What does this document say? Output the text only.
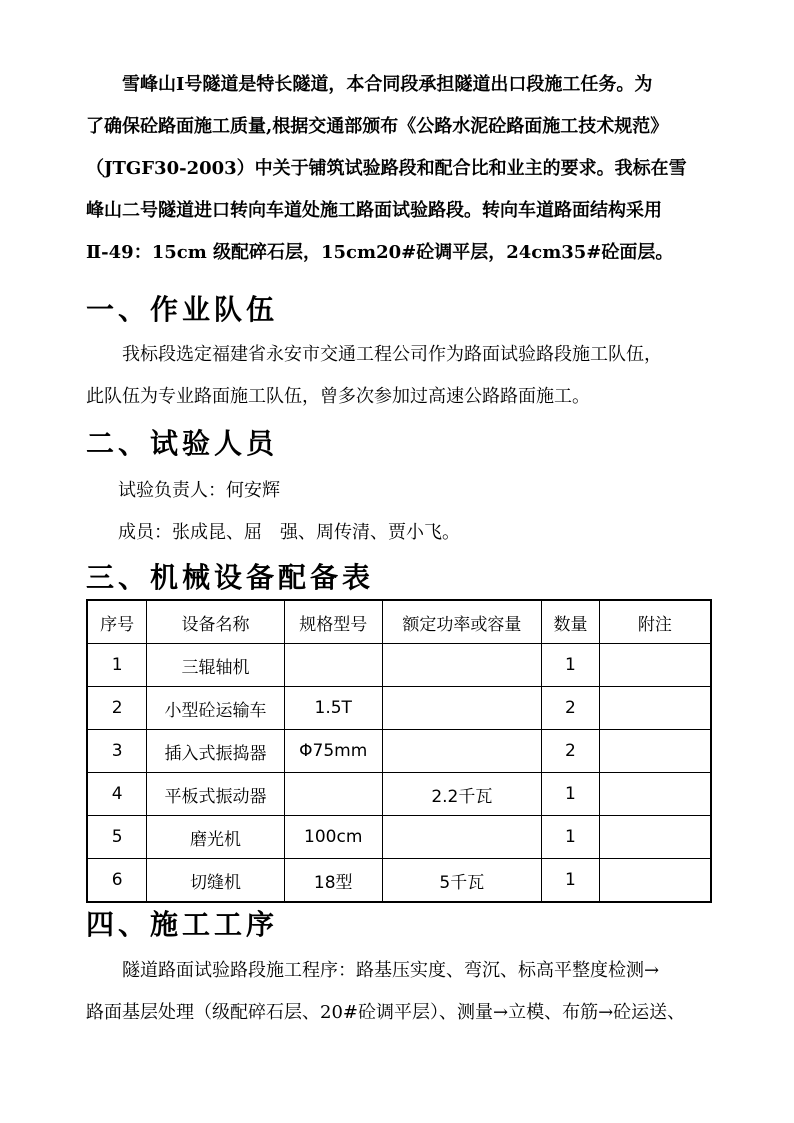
雪峰山Ⅰ号隧道是特长隧道，本合同段承担隧道出口段施工任务。为
了确保砼路面施工质量,根据交通部颁布《公路水泥砼路面施工技术规范》
（JTGF30-2003）中关于铺筑试验路段和配合比和业主的要求。我标在雪
峰山二号隧道进口转向车道处施工路面试验路段。转向车道路面结构采用
Ⅱ-49：15cm 级配碎石层，15cm20#砼调平层，24cm35#砼面层。
一、作业队伍
我标段选定福建省永安市交通工程公司作为路面试验路段施工队伍，
此队伍为专业路面施工队伍，曾多次参加过高速公路路面施工。
二、试验人员

试验负责人：何安辉

成员：张成昆、屈　强、周传清、贾小飞。

三、机械设备配备表
序号	设备名称	规格型号	额定功率或容量	数量	附注
1	三辊轴机			1	
2	小型砼运输车	1.5T		2	
3	插入式振捣器	Φ75mm		2	
4	平板式振动器		2.2千瓦	1	
5	磨光机	100cm		1	
6	切缝机	18型	5千瓦	1	
四、施工工序
隧道路面试验路段施工程序：路基压实度、弯沉、标高平整度检测→
路面基层处理（级配碎石层、20#砼调平层）、测量→立模、布筋→砼运送、
